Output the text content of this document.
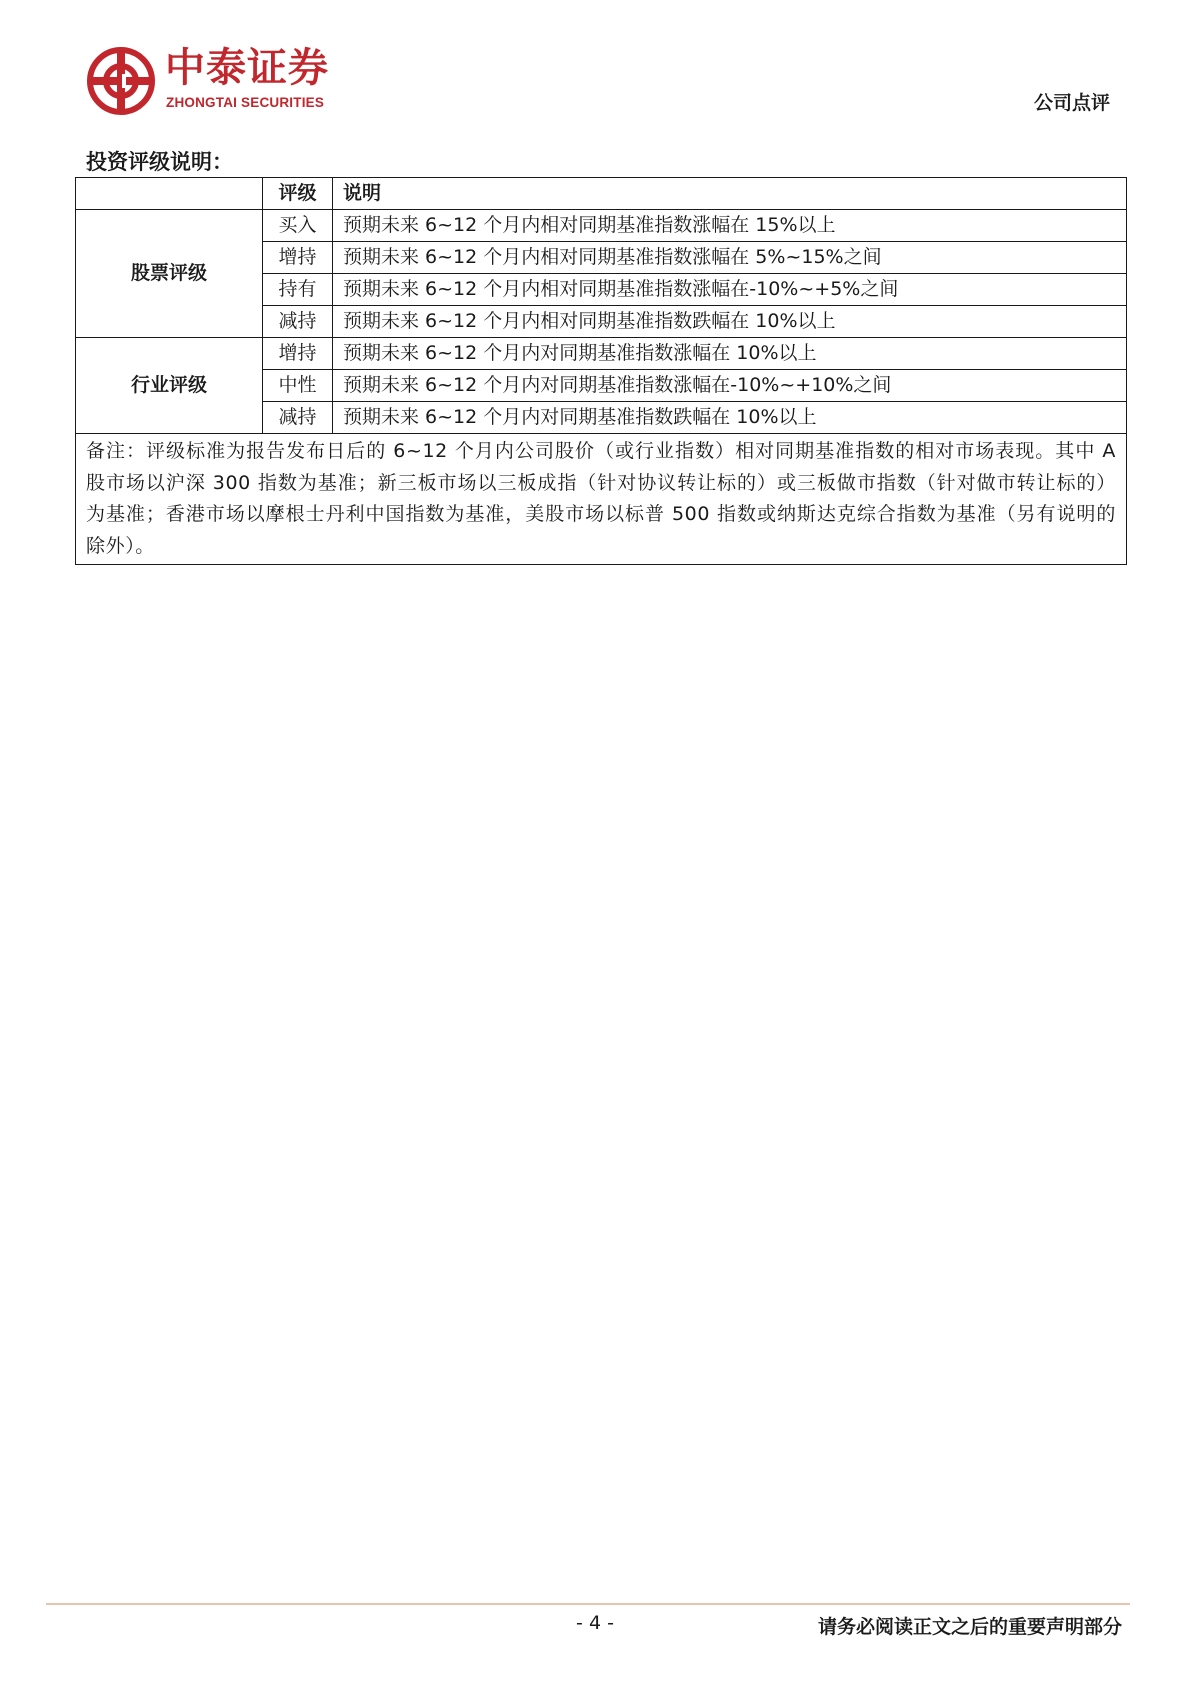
中泰证券
ZHONGTAI SECURITIES	公司点评
投资评级说明：
	评级	说明
股票评级	买入	预期未来 6~12 个月内相对同期基准指数涨幅在 15%以上
	增持	预期未来 6~12 个月内相对同期基准指数涨幅在 5%~15%之间
	持有	预期未来 6~12 个月内相对同期基准指数涨幅在-10%~+5%之间
	减持	预期未来 6~12 个月内相对同期基准指数跌幅在 10%以上
行业评级	增持	预期未来 6~12 个月内对同期基准指数涨幅在 10%以上
	中性	预期未来 6~12 个月内对同期基准指数涨幅在-10%~+10%之间
	减持	预期未来 6~12 个月内对同期基准指数跌幅在 10%以上
备注：评级标准为报告发布日后的 6~12 个月内公司股价（或行业指数）相对同期基准指数的相对市场表现。其中 A 股市场以沪深 300 指数为基准；新三板市场以三板成指（针对协议转让标的）或三板做市指数（针对做市转让标的）为基准；香港市场以摩根士丹利中国指数为基准，美股市场以标普 500 指数或纳斯达克综合指数为基准（另有说明的除外）。		
- 4 -	请务必阅读正文之后的重要声明部分
